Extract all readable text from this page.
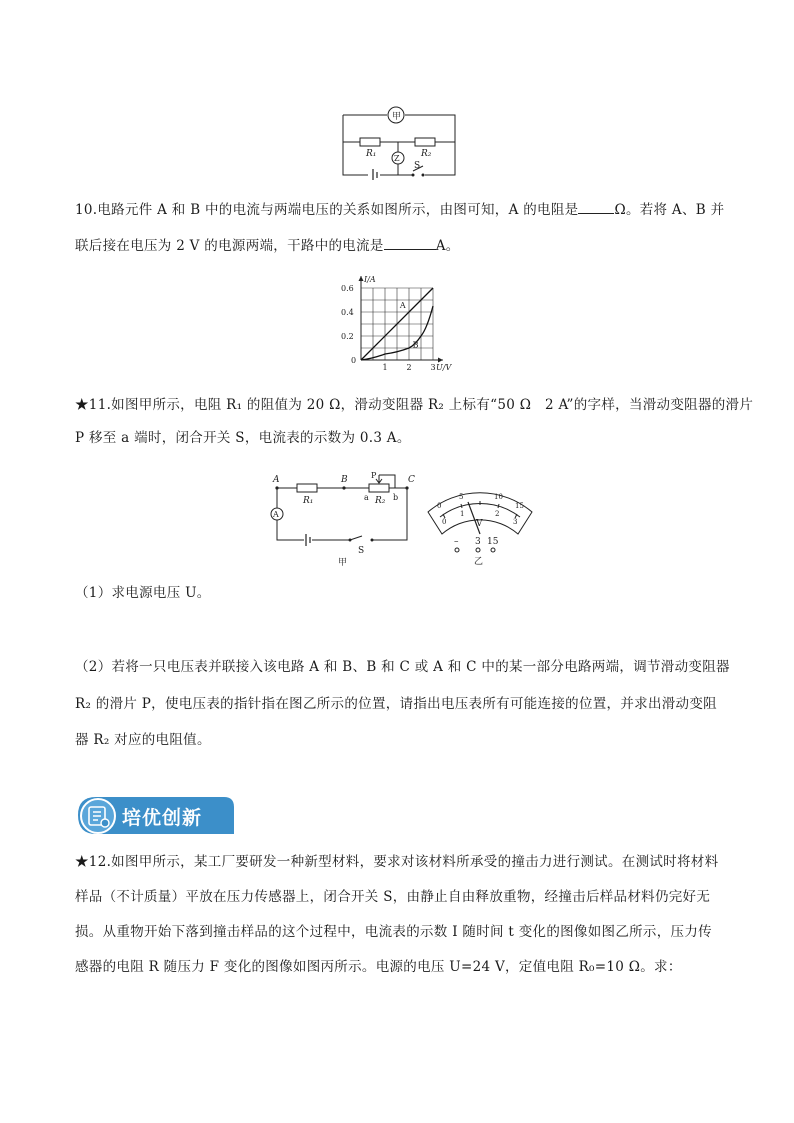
甲
R₁	R₂
S
Z
10.电路元件 A 和 B 中的电流与两端电压的关系如图所示，由图可知，A 的电阻是	Ω。若将 A、B 并
联后接在电压为 2 V 的电源两端，干路中的电流是	A。
I/A
U/V
0
1 2 3
0.2
0.4
0.6
A
B
★11.如图甲所示，电阻 R₁ 的阻值为 20 Ω，滑动变阻器 R₂ 上标有“50 Ω　2 A”的字样，当滑动变阻器的滑片
P 移至 a 端时，闭合开关 S，电流表的示数为 0.3 A。
A	B	C
P
a	b
R₁	R₂
A
S
甲
0
5	10
15
0
1	2
3
V
– 3 15
乙
（1）求电源电压 U。
（2）若将一只电压表并联接入该电路 A 和 B、B 和 C 或 A 和 C 中的某一部分电路两端，调节滑动变阻器
R₂ 的滑片 P，使电压表的指针指在图乙所示的位置，请指出电压表所有可能连接的位置，并求出滑动变阻
器 R₂ 对应的电阻值。
培优创新
★12.如图甲所示，某工厂要研发一种新型材料，要求对该材料所承受的撞击力进行测试。在测试时将材料
样品（不计质量）平放在压力传感器上，闭合开关 S，由静止自由释放重物，经撞击后样品材料仍完好无
损。从重物开始下落到撞击样品的这个过程中，电流表的示数 I 随时间 t 变化的图像如图乙所示，压力传
感器的电阻 R 随压力 F 变化的图像如图丙所示。电源的电压 U=24 V，定值电阻 R₀=10 Ω。求：
